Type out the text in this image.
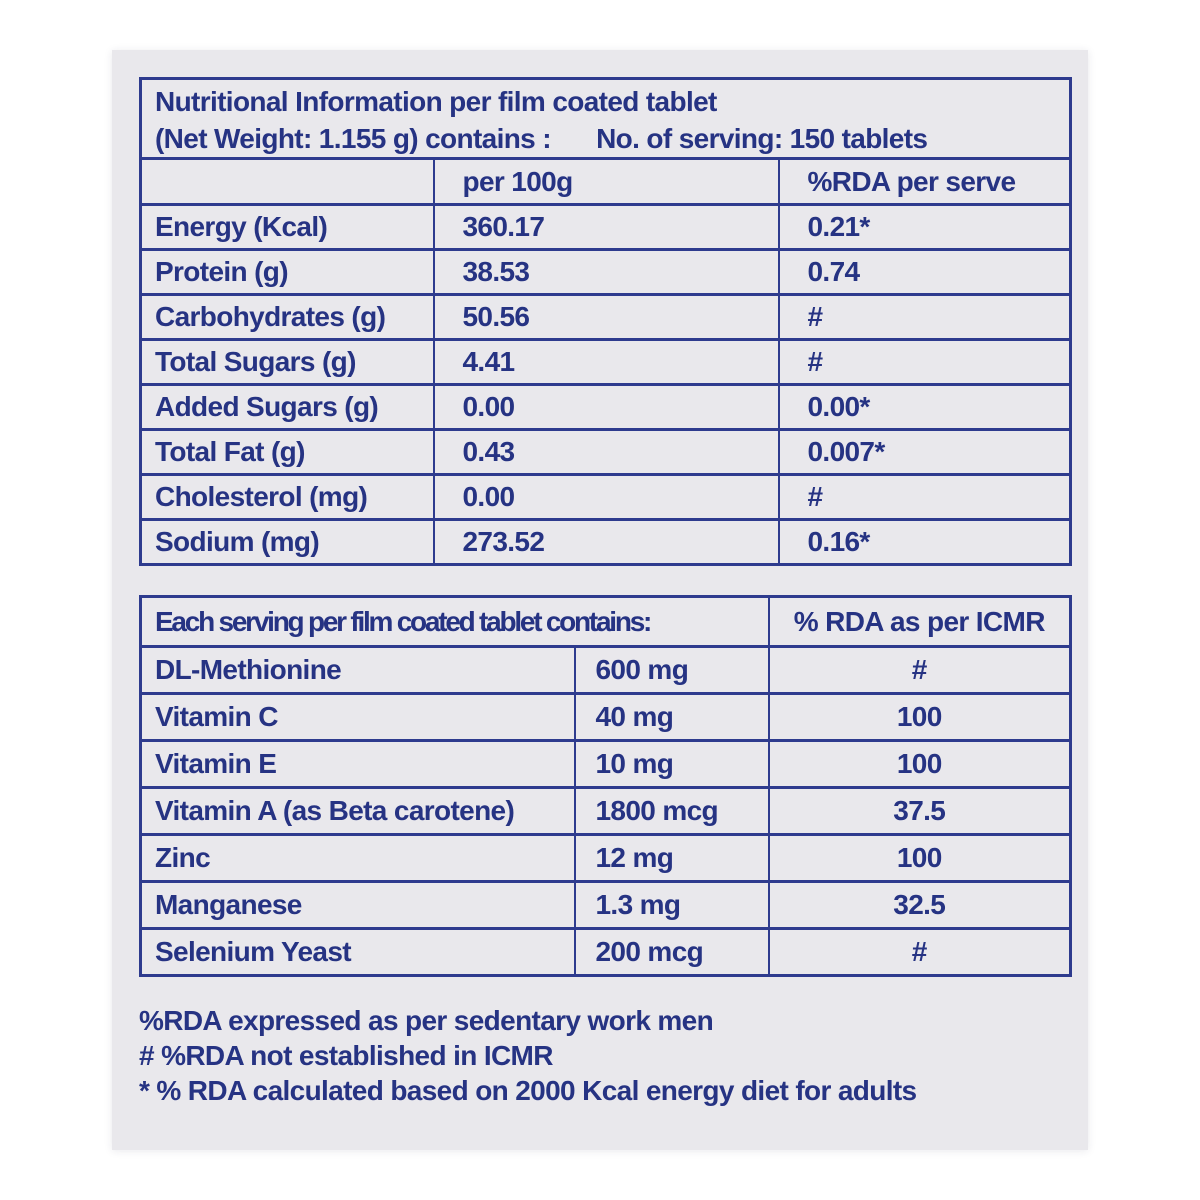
Nutritional Information per film coated tablet
(Net Weight: 1.155 g) contains : No. of serving: 150 tablets		

	per 100g	%RDA per serve
Energy (Kcal)	360.17	0.21*
Protein (g)	38.53	0.74
Carbohydrates (g)	50.56	#
Total Sugars (g)	4.41	#
Added Sugars (g)	0.00	0.00*
Total Fat (g)	0.43	0.007*
Cholesterol (mg)	0.00	#
Sodium (mg)	273.52	0.16*
Each serving per film coated tablet contains:		% RDA as per ICMR
DL-Methionine	600 mg	#
Vitamin C	40 mg	100
Vitamin E	10 mg	100
Vitamin A (as Beta carotene)	1800 mcg	37.5
Zinc	12 mg	100
Manganese	1.3 mg	32.5
Selenium Yeast	200 mcg	#
%RDA expressed as per sedentary work men
# %RDA not established in ICMR
* % RDA calculated based on 2000 Kcal energy diet for adults
